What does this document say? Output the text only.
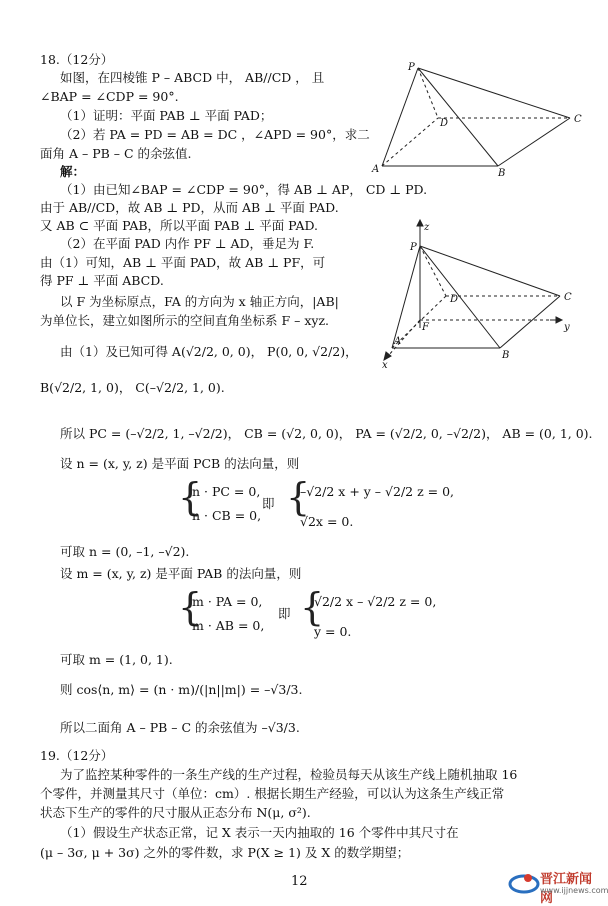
18.（12分）
如图，在四棱锥 P – ABCD 中， AB//CD ， 且
∠BAP = ∠CDP = 90°.
（1）证明：平面 PAB ⊥ 平面 PAD；
（2）若 PA = PD = AB = DC ，∠APD = 90°，求二
面角 A – PB – C 的余弦值.
解：
（1）由已知∠BAP = ∠CDP = 90°，得 AB ⊥ AP， CD ⊥ PD.
由于 AB//CD，故 AB ⊥ PD，从而 AB ⊥ 平面 PAD.
又 AB ⊂ 平面 PAB，所以平面 PAB ⊥ 平面 PAD.
（2）在平面 PAD 内作 PF ⊥ AD，垂足为 F.
由（1）可知，AB ⊥ 平面 PAD，故 AB ⊥ PF，可
得 PF ⊥ 平面 ABCD.
以 F 为坐标原点，FA 的方向为 x 轴正方向，|AB|
为单位长，建立如图所示的空间直角坐标系 F – xyz.
由（1）及已知可得 A(√2/2, 0, 0)， P(0, 0, √2/2)，
B(√2/2, 1, 0)， C(–√2/2, 1, 0).
所以 PC = (–√2/2, 1, –√2/2)， CB = (√2, 0, 0)， PA = (√2/2, 0, –√2/2)， AB = (0, 1, 0).
设 n = (x, y, z) 是平面 PCB 的法向量，则
{
n · PC = 0,
n · CB = 0,
即 {
–√2/2 x + y – √2/2 z = 0,
√2x = 0.
可取 n = (0, –1, –√2).
设 m = (x, y, z) 是平面 PAB 的法向量，则
{
m · PA = 0,
m · AB = 0,
即 {
√2/2 x – √2/2 z = 0,
y = 0.
可取 m = (1, 0, 1).
则 cos⟨n, m⟩ = (n · m)/(|n||m|) = –√3/3.
所以二面角 A – PB – C 的余弦值为 –√3/3.
19.（12分）
为了监控某种零件的一条生产线的生产过程，检验员每天从该生产线上随机抽取 16
个零件，并测量其尺寸（单位：cm）. 根据长期生产经验，可以认为这条生产线正常
状态下生产的零件的尺寸服从正态分布 N(μ, σ²).
（1）假设生产状态正常，记 X 表示一天内抽取的 16 个零件中其尺寸在
(μ – 3σ, μ + 3σ) 之外的零件数，求 P(X ≥ 1) 及 X 的数学期望；
P
D	C
A	B
z
P
D	C
F
A
B
y
x
12	晋江新闻网
www.ijjnews.com
